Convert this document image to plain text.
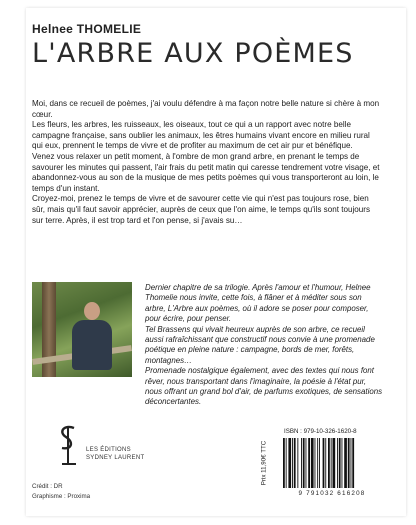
Helnee THOMELIE
L'ARBRE AUX POÈMES

Moi, dans ce recueil de poèmes, j'ai voulu défendre à ma façon notre belle nature si chère à mon cœur.

Les fleurs, les arbres, les ruisseaux, les oiseaux, tout ce qui a un rapport avec notre belle campagne française, sans oublier les animaux, les êtres humains vivant encore en milieu rural qui eux, prennent le temps de vivre et de profiter au maximum de cet air pur et bénéfique.

Venez vous relaxer un petit moment, à l'ombre de mon grand arbre, en prenant le temps de savourer les minutes qui passent, l'air frais du petit matin qui caresse tendrement votre visage, et abandonnez-vous au son de la musique de mes petits poèmes qui vous transporteront au loin, le temps d'un instant.

Croyez-moi, prenez le temps de vivre et de savourer cette vie qui n'est pas toujours rose, bien sûr, mais qu'il faut savoir apprécier, auprès de ceux que l'on aime, le temps qu'ils sont toujours sur terre. Après, il est trop tard et l'on pense, si j'avais su…

Dernier chapitre de sa trilogie. Après l'amour et l'humour, Helnee Thomelie nous invite, cette fois, à flâner et à méditer sous son arbre, L'Arbre aux poèmes, où il adore se poser pour composer, pour écrire, pour penser.

Tel Brassens qui vivait heureux auprès de son arbre, ce recueil aussi rafraîchissant que constructif nous convie à une promenade poétique en pleine nature : campagne, bords de mer, forêts, montagnes…

Promenade nostalgique également, avec des textes qui nous font rêver, nous transportant dans l'imaginaire, la poésie à l'état pur, nous offrant un grand bol d'air, de parfums exotiques, de sensations déconcertantes.

LES ÉDITIONS
SYDNEY LAURENT
Crédit : DR
Graphisme : Proxima
Prix 11,90€ TTC
ISBN : 979-10-326-1620-8
9 791032 616208
